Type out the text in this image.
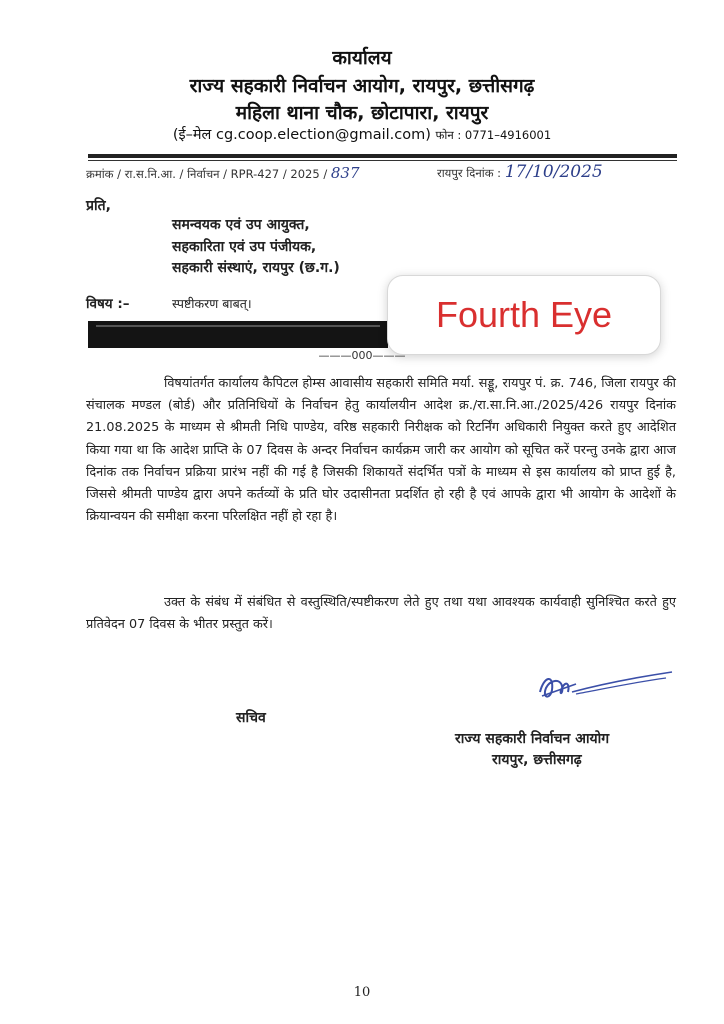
कार्यालय
राज्य सहकारी निर्वाचन आयोग, रायपुर, छत्तीसगढ़
महिला थाना चौक, छोटापारा, रायपुर
(ई–मेल cg.coop.election@gmail.com) फोन : 0771–4916001
क्रमांक / रा.स.नि.आ. / निर्वाचन / RPR-427 / 2025 / 837	रायपुर दिनांक : 17/10/2025
प्रति,
समन्वयक एवं उप आयुक्त,
सहकारिता एवं उप पंजीयक,
सहकारी संस्थाएं, रायपुर (छ.ग.)
विषय :–	स्पष्टीकरण बाबत्।	Fourth Eye
———000———

विषयांतर्गत कार्यालय कैपिटल होम्स आवासीय सहकारी समिति मर्या. सड्डू, रायपुर पं. क्र. 746, जिला रायपुर की संचालक मण्डल (बोर्ड) और प्रतिनिधियों के निर्वाचन हेतु कार्यालयीन आदेश क्र./रा.सा.नि.आ./2025/426 रायपुर दिनांक 21.08.2025 के माध्यम से श्रीमती निधि पाण्डेय, वरिष्ठ सहकारी निरीक्षक को रिटर्निंग अधिकारी नियुक्त करते हुए आदेशित किया गया था कि आदेश प्राप्ति के 07 दिवस के अन्दर निर्वाचन कार्यक्रम जारी कर आयोग को सूचित करें परन्तु उनके द्वारा आज दिनांक तक निर्वाचन प्रक्रिया प्रारंभ नहीं की गई है जिसकी शिकायतें संदर्भित पत्रों के माध्यम से इस कार्यालय को प्राप्त हुई है, जिससे श्रीमती पाण्डेय द्वारा अपने कर्तव्यों के प्रति घोर उदासीनता प्रदर्शित हो रही है एवं आपके द्वारा भी आयोग के आदेशों के क्रियान्वयन की समीक्षा करना परिलक्षित नहीं हो रहा है।

उक्त के संबंध में संबंधित से वस्तुस्थिति/स्पष्टीकरण लेते हुए तथा यथा आवश्यक कार्यवाही सुनिश्चित करते हुए प्रतिवेदन 07 दिवस के भीतर प्रस्तुत करें।

सचिव
राज्य सहकारी निर्वाचन आयोग
रायपुर, छत्तीसगढ़
10
